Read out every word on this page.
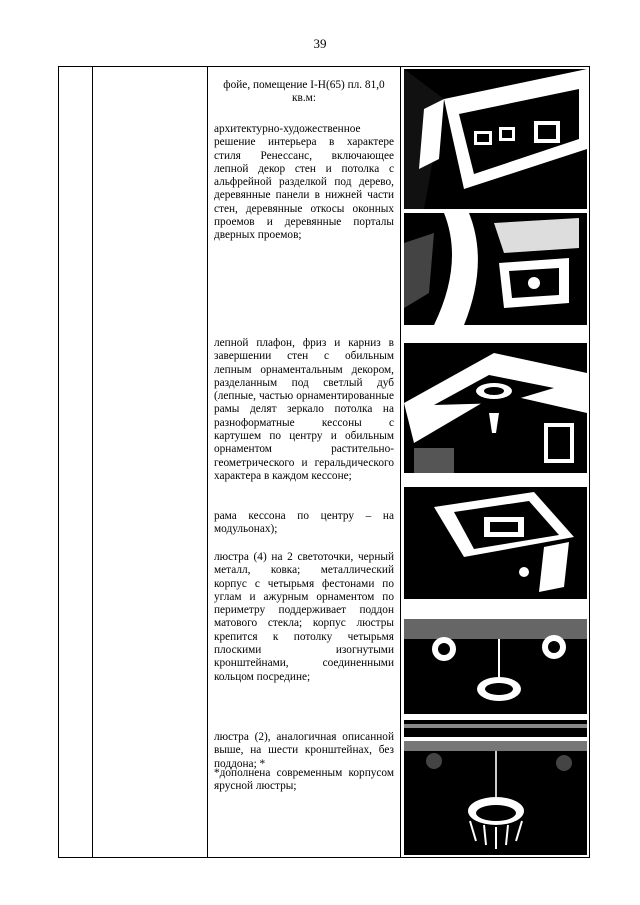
39
фойе, помещение I-Н(65) пл. 81,0 кв.м:
архитектурно-художественное решение интерьера в характере стиля Ренессанс, включающее лепной декор стен и потолка с альфрейной разделкой под дерево, деревянные панели в нижней части стен, деревянные откосы оконных проемов и деревянные порталы дверных проемов;
лепной плафон, фриз и карниз в завершении стен с обильным лепным орнаментальным декором, разделанным под светлый дуб (лепные, частью орнаментированные рамы делят зеркало потолка на разноформатные кессоны с картушем по центру и обильным орнаментом растительно-геометрического и геральдического характера в каждом кессоне;
рама кессона по центру – на модульонах);
люстра (4) на 2 светоточки, черный металл, ковка; металлический корпус с четырьмя фестонами по углам и ажурным орнаментом по периметру поддерживает поддон матового стекла; корпус люстры крепится к потолку четырьмя плоскими изогнутыми кронштейнами, соединенными кольцом посредине;
люстра (2), аналогичная описанной выше, на шести кронштейнах, без поддона; *
*дополнена современным корпусом ярусной люстры;
